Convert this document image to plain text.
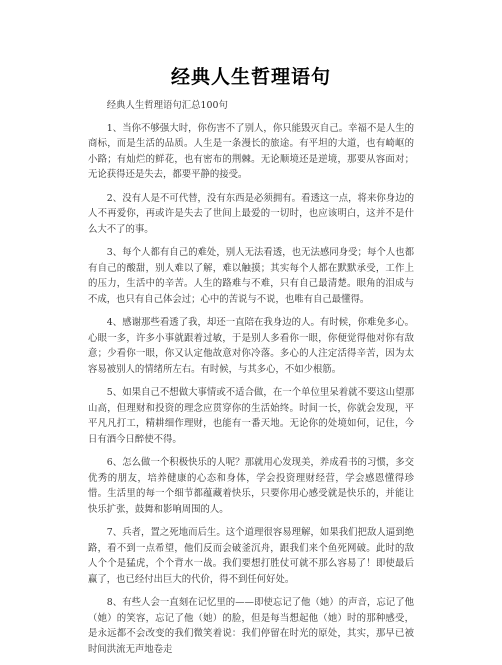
经典人生哲理语句

经典人生哲理语句汇总100句

1、当你不够强大时，你伤害不了别人，你只能毁灭自己。幸福不是人生的商标，而是生活的品质。人生是一条漫长的旅途。有平坦的大道，也有崎岖的小路；有灿烂的鲜花，也有密布的荆棘。无论顺境还是逆境，那要从容面对；无论获得还是失去，都要平静的接受。

2、没有人是不可代替，没有东西是必须拥有。看透这一点，将来你身边的人不再爱你，再或许是失去了世间上最爱的一切时，也应该明白，这并不是什么大不了的事。

3、每个人都有自己的难处，别人无法看透，也无法感同身受；每个人也都有自己的酸甜，别人难以了解，难以触摸；其实每个人都在默默承受，工作上的压力，生活中的辛苦。人生的路难与不难，只有自己最清楚。眼角的泪成与不成，也只有自己体会过；心中的苦说与不说，也唯有自己最懂得。

4、感谢那些看透了我，却还一直陪在我身边的人。有时候，你难免多心。心眼一多，许多小事就跟着过敏，于是别人多看你一眼，你便觉得他对你有敌意；少看你一眼，你又认定他故意对你冷落。多心的人注定活得辛苦，因为太容易被别人的情绪所左右。有时候，与其多心，不如少根筋。

5、如果自己不想做大事情或不适合做，在一个单位里呆着就不要这山望那山高，但理财和投资的理念应贯穿你的生活始终。时间一长，你就会发现，平平凡凡打工，精耕细作理财，也能有一番天地。无论你的处境如何，记住，今日有酒今日醉使不得。

6、怎么做一个积极快乐的人呢？那就用心发现美，养成看书的习惯，多交优秀的朋友，培养健康的心态和身体，学会投资理财经营，学会感恩懂得珍惜。生活里的每一个细节都蕴藏着快乐，只要你用心感受就是快乐的，并能让快乐扩张，鼓舞和影响周围的人。

7、兵者，置之死地而后生。这个道理很容易理解，如果我们把敌人逼到绝路，看不到一点希望，他们反而会破釜沉舟，跟我们来个鱼死网破。此时的敌人个个是猛虎，个个背水一战。我们要想打胜仗可就不那么容易了！即使最后赢了，也已经付出巨大的代价，得不到任何好处。

8、有些人会一直刻在记忆里的——即使忘记了他（她）的声音，忘记了他（她）的笑容，忘记了他（她）的脸，但是每当想起他（她）时的那种感受，是永远都不会改变的我们微笑着说：我们停留在时光的原处，其实，那早已被时间洪流无声地卷走
